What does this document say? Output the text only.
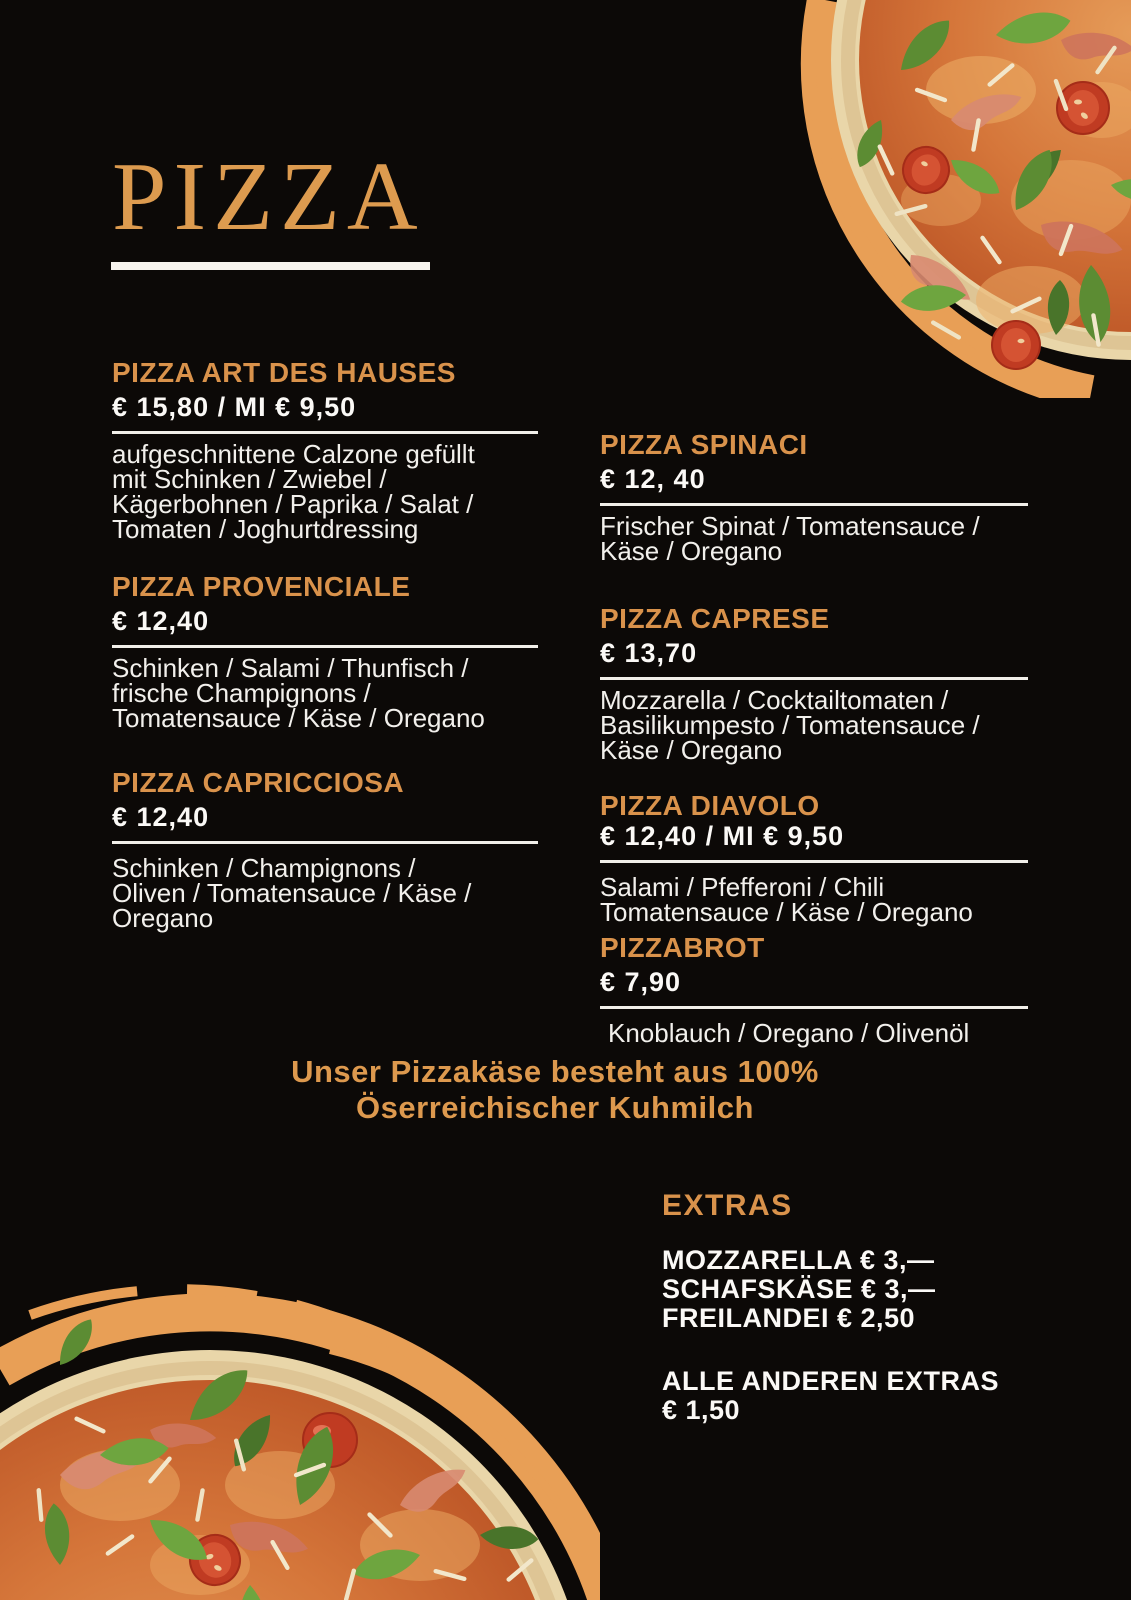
PIZZA
PIZZA ART DES HAUSES
€ 15,80 / MI € 9,50
aufgeschnittene Calzone gefüllt
mit Schinken / Zwiebel /
Kägerbohnen / Paprika / Salat /
Tomaten / Joghurtdressing
PIZZA PROVENCIALE
€ 12,40
Schinken / Salami / Thunfisch /
frische Champignons /
Tomatensauce / Käse / Oregano
PIZZA CAPRICCIOSA
€ 12,40
Schinken / Champignons /
Oliven / Tomatensauce / Käse /
Oregano
PIZZA SPINACI
€ 12, 40
Frischer Spinat / Tomatensauce /
Käse / Oregano
PIZZA CAPRESE
€ 13,70
Mozzarella / Cocktailtomaten /
Basilikumpesto / Tomatensauce /
Käse / Oregano
PIZZA DIAVOLO
€ 12,40 / MI € 9,50
Salami / Pfefferoni / Chili
Tomatensauce / Käse / Oregano
PIZZABROT
€ 7,90
Knoblauch / Oregano / Olivenöl
Unser Pizzakäse besteht aus 100%
Öserreichischer Kuhmilch
EXTRAS
MOZZARELLA € 3,—
SCHAFSKÄSE € 3,—
FREILANDEI € 2,50
ALLE ANDEREN EXTRAS
€ 1,50
